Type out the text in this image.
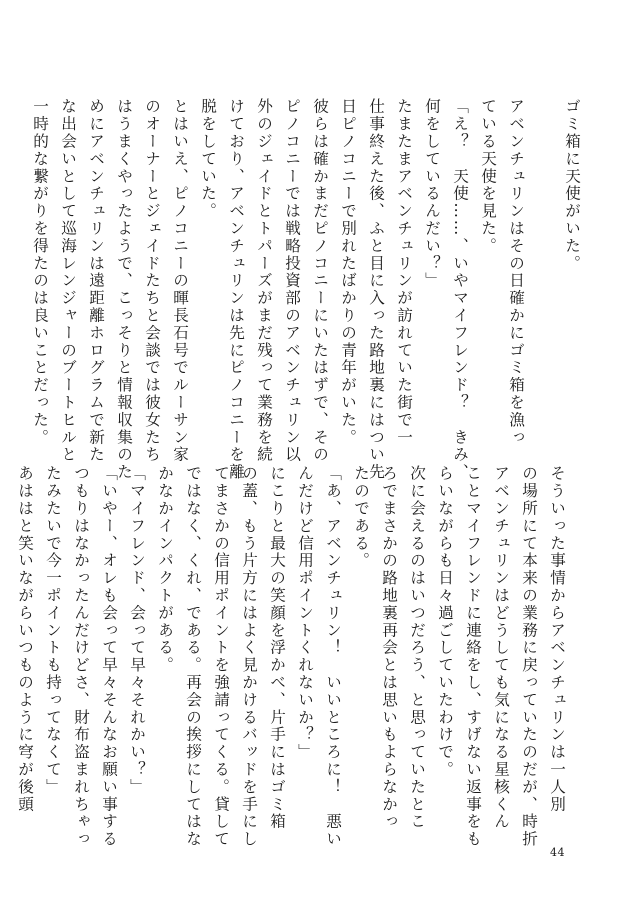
ゴミ箱に天使がいた。

アベンチュリンはその日確かにゴミ箱を漁っ
ている天使を見た。
「え？　天使……、いやマイフレンド？　きみ、
何をしているんだい？」
たまたまアベンチュリンが訪れていた街で一
仕事終えた後、ふと目に入った路地裏にはつい先
日ピノコニーで別れたばかりの青年がいた。
彼らは確かまだピノコニーにいたはずで、その
ピノコニーでは戦略投資部のアベンチュリン以
外のジェイドとトパーズがまだ残って業務を続
けており、アベンチュリンは先にピノコニーを離
脱をしていた。
とはいえ、ピノコニーの暉長石号でルーサン家
のオーナーとジェイドたちと会談では彼女たち
はうまくやったようで、こっそりと情報収集のた
めにアベンチュリンは遠距離ホログラムで新た
な出会いとして巡海レンジャーのブートヒルと
一時的な繋がりを得たのは良いことだった。
そういった事情からアベンチュリンは一人別
の場所にて本来の業務に戻っていたのだが、時折
アベンチュリンはどうしても気になる星核くん
ことマイフレンドに連絡をし、すげない返事をも
らいながらも日々過ごしていたわけで。
次に会えるのはいつだろう、と思っていたとこ
ろでまさかの路地裏再会とは思いもよらなかっ
たのである。
「あ、アベンチュリン！　いいところに！　悪い
んだけど信用ポイントくれないか？」
にこりと最大の笑顔を浮かべ、片手にはゴミ箱
の蓋、もう片方にはよく見かけるバッドを手にし
てまさかの信用ポイントを強請ってくる。貸して
ではなく、くれ、である。再会の挨拶にしてはな
かなかインパクトがある。
「マイフレンド、会って早々それかい？」
「いやー、オレも会って早々そんなお願い事する
つもりはなかったんだけどさ、財布盗まれちゃっ
たみたいで今一ポイントも持ってなくて」
あははと笑いながらいつものように穹が後頭
44
